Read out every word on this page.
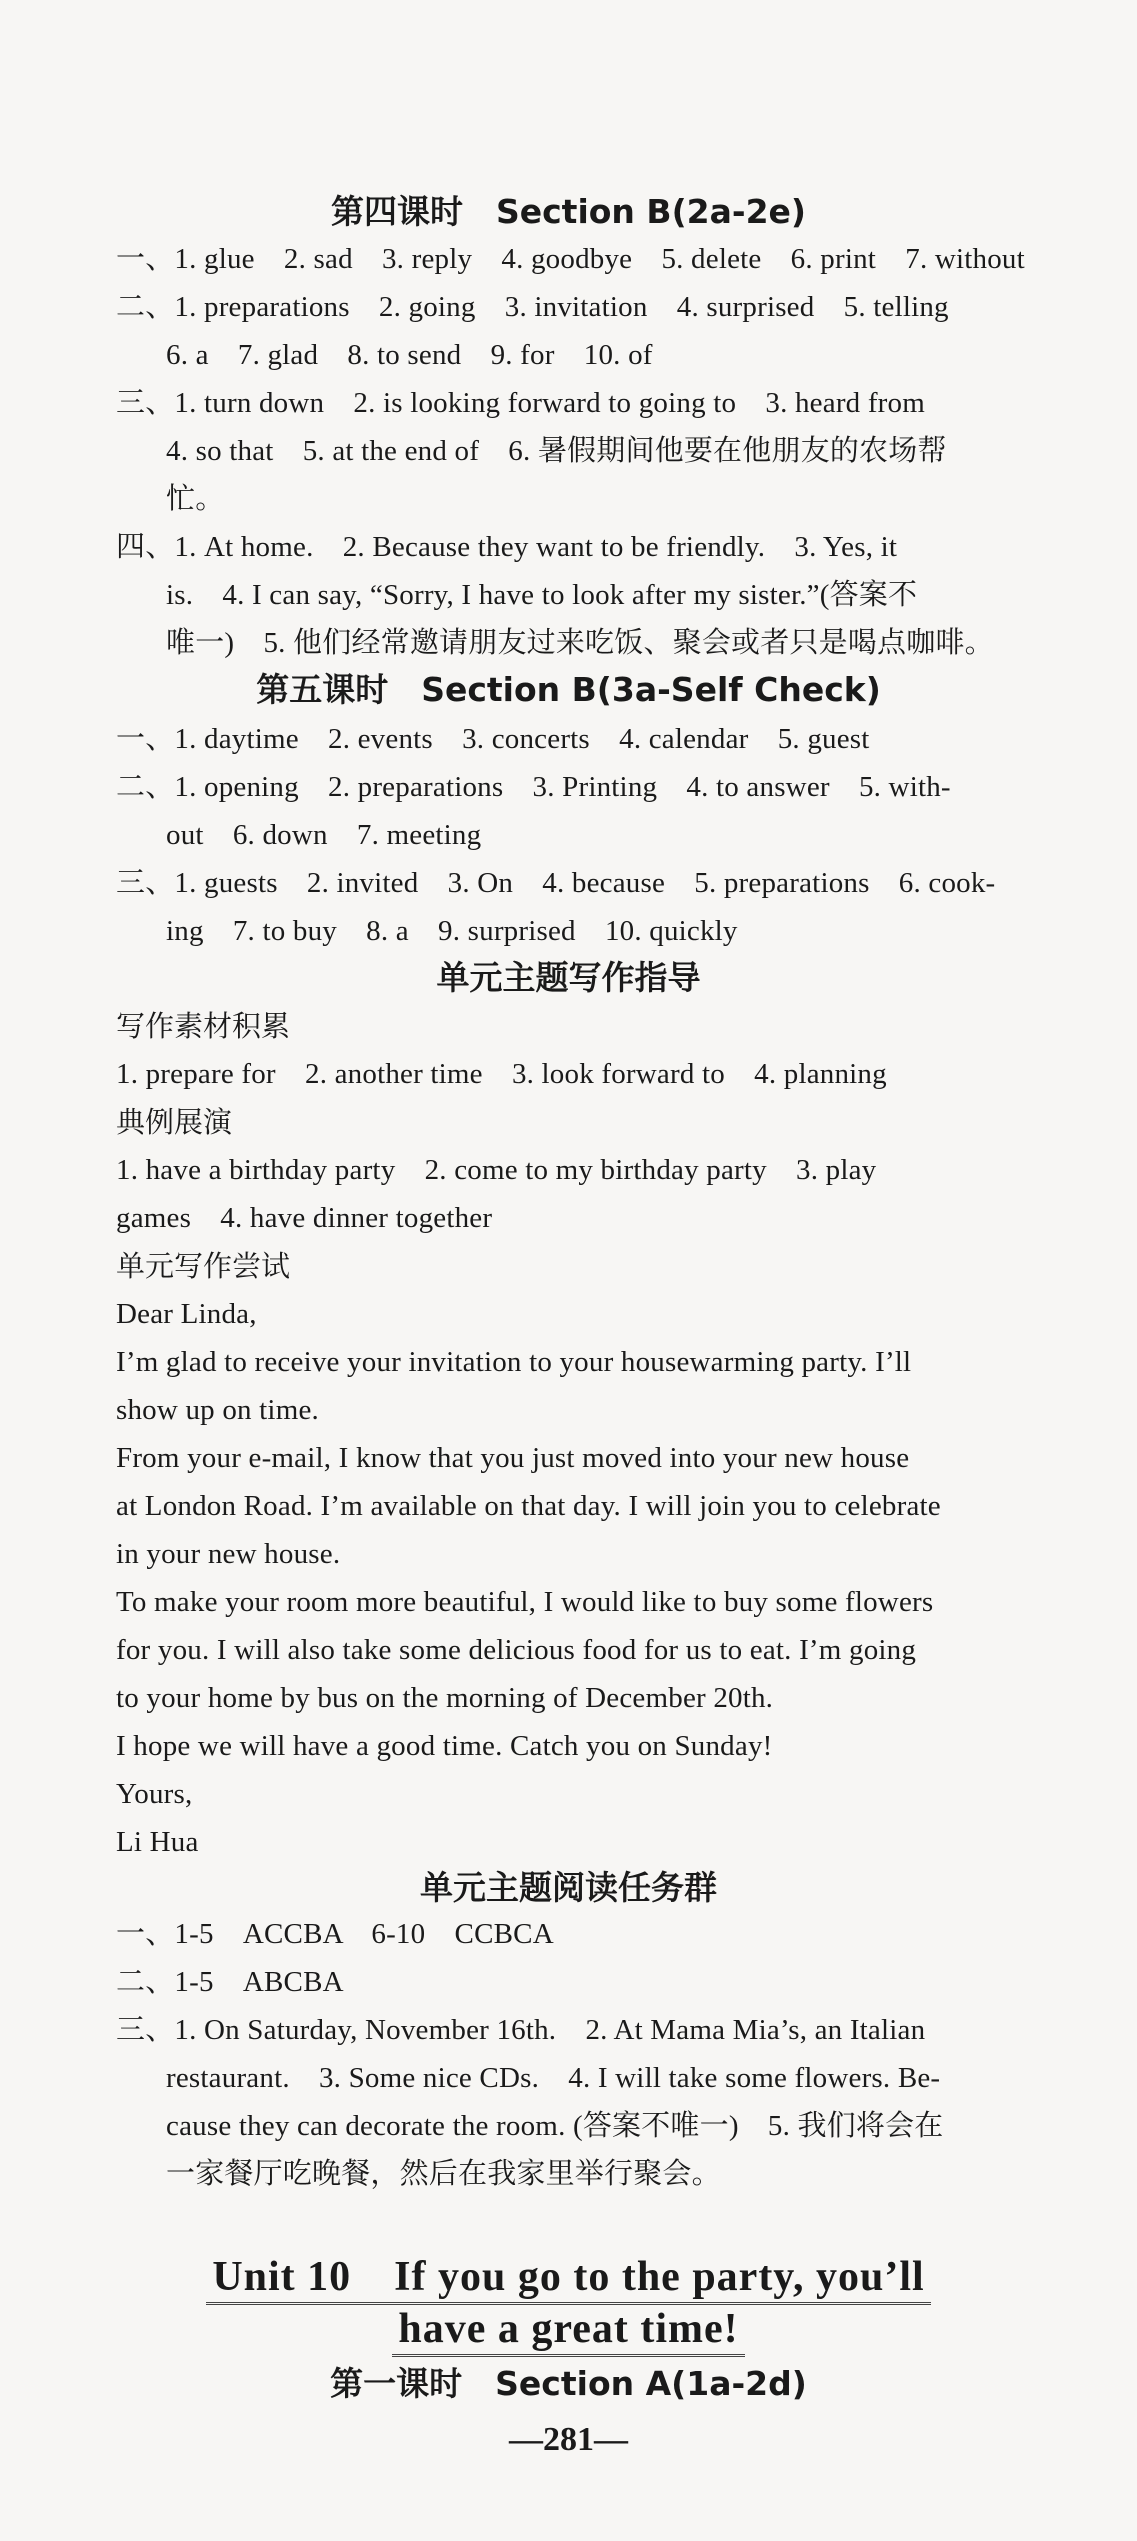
第四课时　Section B(2a-2e)
一、1. glue　2. sad　3. reply　4. goodbye　5. delete　6. print　7. without
二、1. preparations　2. going　3. invitation　4. surprised　5. telling
6. a　7. glad　8. to send　9. for　10. of
三、1. turn down　2. is looking forward to going to　3. heard from
4. so that　5. at the end of　6. 暑假期间他要在他朋友的农场帮
忙。
四、1. At home.　2. Because they want to be friendly.　3. Yes, it
is.　4. I can say, “Sorry, I have to look after my sister.”(答案不
唯一)　5. 他们经常邀请朋友过来吃饭、聚会或者只是喝点咖啡。
第五课时　Section B(3a-Self Check)
一、1. daytime　2. events　3. concerts　4. calendar　5. guest
二、1. opening　2. preparations　3. Printing　4. to answer　5. with-
out　6. down　7. meeting
三、1. guests　2. invited　3. On　4. because　5. preparations　6. cook-
ing　7. to buy　8. a　9. surprised　10. quickly
单元主题写作指导
写作素材积累
1. prepare for　2. another time　3. look forward to　4. planning
典例展演
1. have a birthday party　2. come to my birthday party　3. play
games　4. have dinner together
单元写作尝试
Dear Linda,
I’m glad to receive your invitation to your housewarming party. I’ll
show up on time.
From your e-mail, I know that you just moved into your new house
at London Road. I’m available on that day. I will join you to celebrate
in your new house.
To make your room more beautiful, I would like to buy some flowers
for you. I will also take some delicious food for us to eat. I’m going
to your home by bus on the morning of December 20th.
I hope we will have a good time. Catch you on Sunday!
Yours,
Li Hua
单元主题阅读任务群
一、1-5　ACCBA　6-10　CCBCA
二、1-5　ABCBA
三、1. On Saturday, November 16th.　2. At Mama Mia’s, an Italian
restaurant.　3. Some nice CDs.　4. I will take some flowers. Be-
cause they can decorate the room. (答案不唯一)　5. 我们将会在
一家餐厅吃晚餐，然后在我家里举行聚会。
Unit 10　If you go to the party, you’ll
have a great time!
第一课时　Section A(1a-2d)
—281—
